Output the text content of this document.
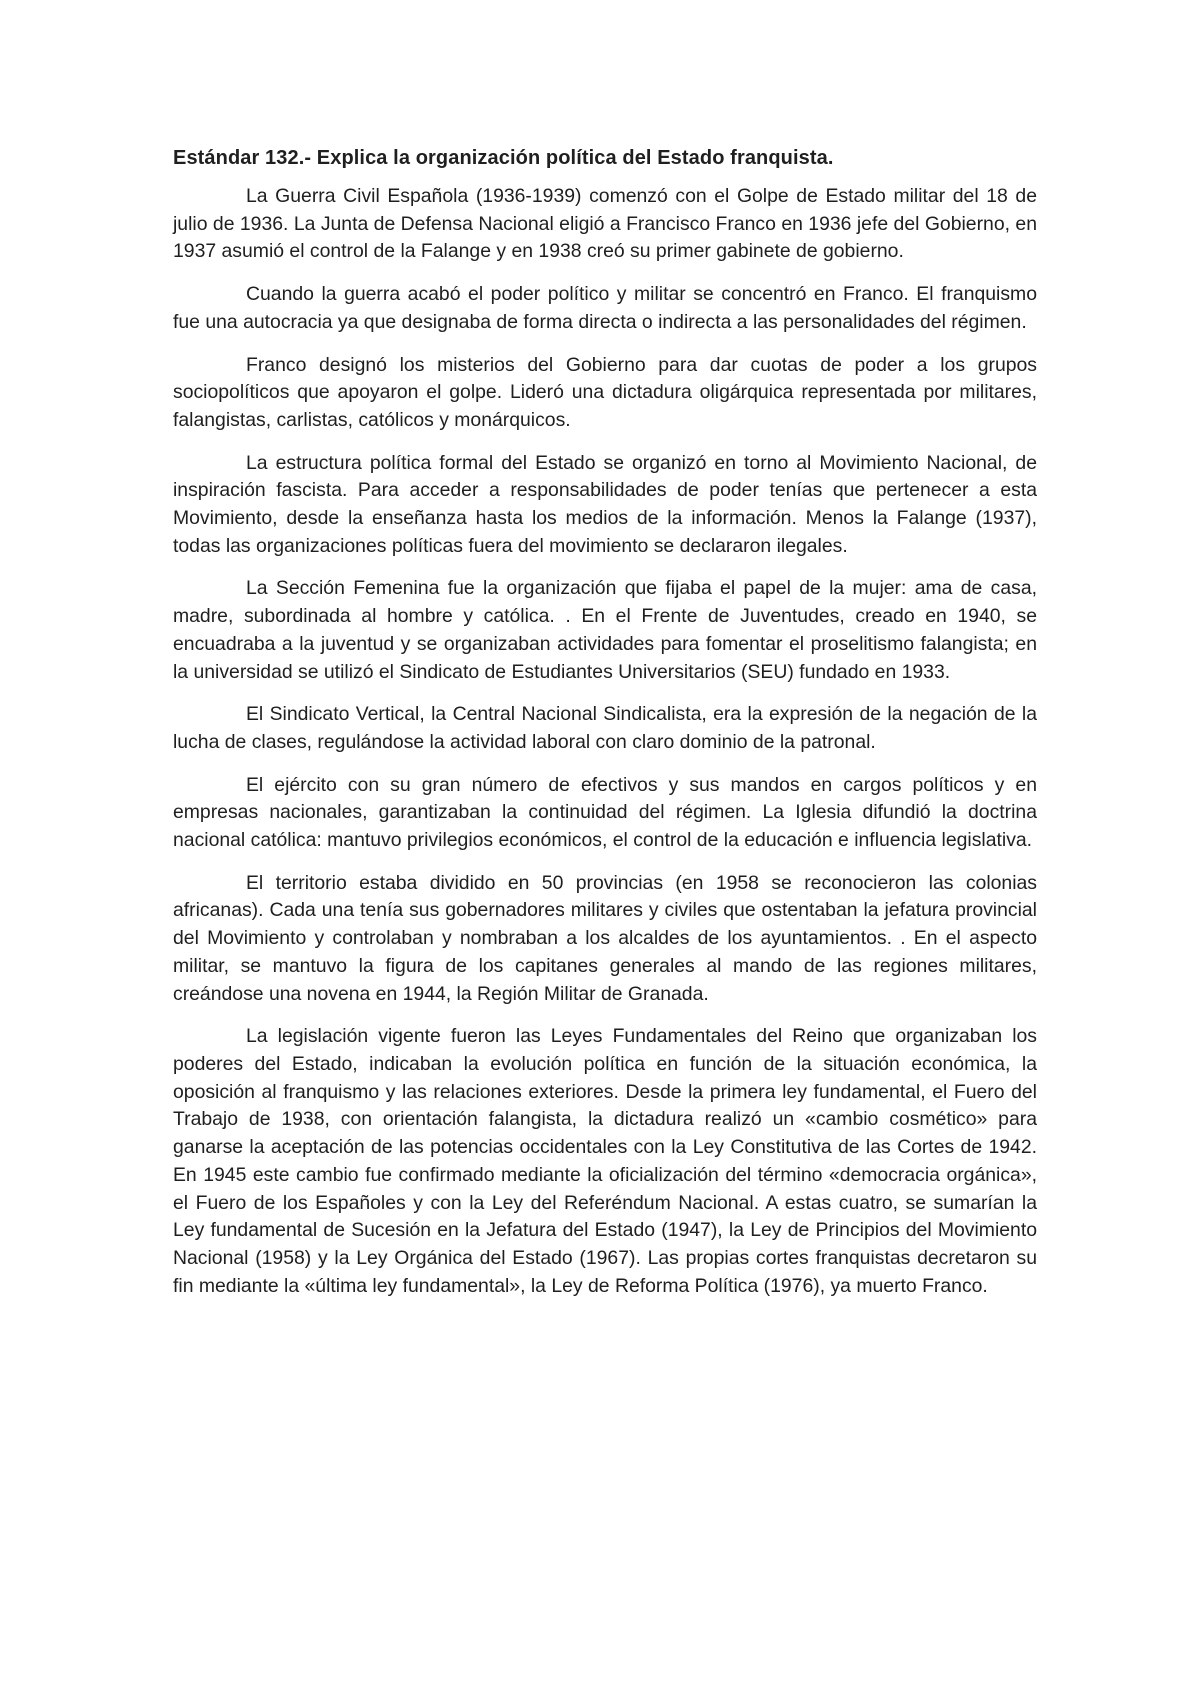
Estándar 132.- Explica la organización política del Estado franquista.

La Guerra Civil Española (1936-1939) comenzó con el Golpe de Estado militar del 18 de julio de 1936. La Junta de Defensa Nacional eligió a Francisco Franco en 1936 jefe del Gobierno, en 1937 asumió el control de la Falange y en 1938 creó su primer gabinete de gobierno.

Cuando la guerra acabó el poder político y militar se concentró en Franco. El franquismo fue una autocracia ya que designaba de forma directa o indirecta a las personalidades del régimen.

Franco designó los misterios del Gobierno para dar cuotas de poder a los grupos sociopolíticos que apoyaron el golpe. Lideró una dictadura oligárquica representada por militares, falangistas, carlistas, católicos y monárquicos.

La estructura política formal del Estado se organizó en torno al Movimiento Nacional, de inspiración fascista. Para acceder a responsabilidades de poder tenías que pertenecer a esta Movimiento, desde la enseñanza hasta los medios de la información. Menos la Falange (1937), todas las organizaciones políticas fuera del movimiento se declararon ilegales.

La Sección Femenina fue la organización que fijaba el papel de la mujer: ama de casa, madre, subordinada al hombre y católica. . En el Frente de Juventudes, creado en 1940, se encuadraba a la juventud y se organizaban actividades para fomentar el proselitismo falangista; en la universidad se utilizó el Sindicato de Estudiantes Universitarios (SEU) fundado en 1933.

El Sindicato Vertical, la Central Nacional Sindicalista, era la expresión de la negación de la lucha de clases, regulándose la actividad laboral con claro dominio de la patronal.

El ejército con su gran número de efectivos y sus mandos en cargos políticos y en empresas nacionales, garantizaban la continuidad del régimen. La Iglesia difundió la doctrina nacional católica: mantuvo privilegios económicos, el control de la educación e influencia legislativa.

El territorio estaba dividido en 50 provincias (en 1958 se reconocieron las colonias africanas). Cada una tenía sus gobernadores militares y civiles que ostentaban la jefatura provincial del Movimiento y controlaban y nombraban a los alcaldes de los ayuntamientos. . En el aspecto militar, se mantuvo la figura de los capitanes generales al mando de las regiones militares, creándose una novena en 1944, la Región Militar de Granada.

La legislación vigente fueron las Leyes Fundamentales del Reino que organizaban los poderes del Estado, indicaban la evolución política en función de la situación económica, la oposición al franquismo y las relaciones exteriores. Desde la primera ley fundamental, el Fuero del Trabajo de 1938, con orientación falangista, la dictadura realizó un «cambio cosmético» para ganarse la aceptación de las potencias occidentales con la Ley Constitutiva de las Cortes de 1942. En 1945 este cambio fue confirmado mediante la oficialización del término «democracia orgánica», el Fuero de los Españoles y con la Ley del Referéndum Nacional. A estas cuatro, se sumarían la Ley fundamental de Sucesión en la Jefatura del Estado (1947), la Ley de Principios del Movimiento Nacional (1958) y la Ley Orgánica del Estado (1967). Las propias cortes franquistas decretaron su fin mediante la «última ley fundamental», la Ley de Reforma Política (1976), ya muerto Franco.
